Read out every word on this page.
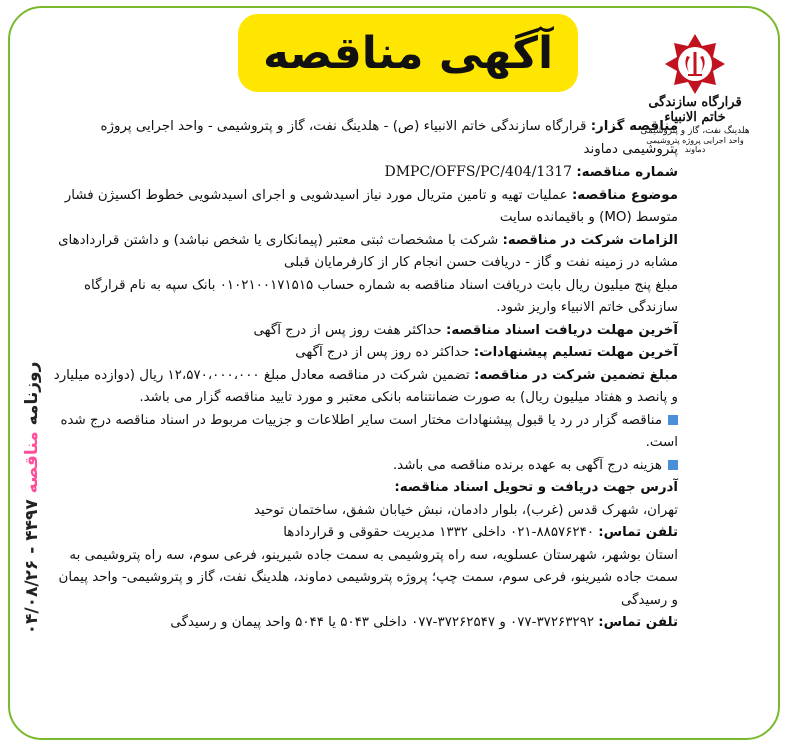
آگهی مناقصه
قرارگاه سازندگی خاتم الانبیاء
هلدینگ نفت، گاز و پتروشیمی
واحد اجرایی پروژه پتروشیمی دماوند
روزنامه مناقصه ۴۴۹۷ - ۰۴/۰۸/۲۶

مناقصه گزار: قرارگاه سازندگی خاتم الانبیاء (ص) - هلدینگ نفت، گاز و پتروشیمی - واحد اجرایی پروژه پتروشیمی دماوند

شماره مناقصه: DMPC/OFFS/PC/404/1317

موضوع مناقصه: عملیات تهیه و تامین متریال مورد نیاز اسیدشویی و اجرای اسیدشویی خطوط اکسیژن فشار متوسط (MO) و باقیمانده سایت

الزامات شرکت در مناقصه: شرکت با مشخصات ثبتی معتبر (پیمانکاری یا شخص نباشد) و داشتن قراردادهای مشابه در زمینه نفت و گاز - دریافت حسن انجام کار از کارفرمایان قبلی

مبلغ پنج میلیون ریال بابت دریافت اسناد مناقصه به شماره حساب ۰۱۰۲۱۰۰۱۷۱۵۱۵ بانک سپه به نام قرارگاه سازندگی خاتم الانبیاء واریز شود.

آخرین مهلت دریافت اسناد مناقصه: حداکثر هفت روز پس از درج آگهی

آخرین مهلت تسلیم پیشنهادات: حداکثر ده روز پس از درج آگهی

مبلغ تضمین شرکت در مناقصه: تضمین شرکت در مناقصه معادل مبلغ ۱۲،۵۷۰،۰۰۰،۰۰۰ ریال (دوازده میلیارد و پانصد و هفتاد میلیون ریال) به صورت ضمانتنامه بانکی معتبر و مورد تایید مناقصه گزار می باشد.

مناقصه گزار در رد یا قبول پیشنهادات مختار است سایر اطلاعات و جزییات مربوط در اسناد مناقصه درج شده است.

هزینه درج آگهی به عهده برنده مناقصه می باشد.

آدرس جهت دریافت و تحویل اسناد مناقصه:

تهران، شهرک قدس (غرب)، بلوار دادمان، نبش خیابان شفق، ساختمان توحید

تلفن تماس: ۸۸۵۷۶۲۴۰-۰۲۱ داخلی ۱۳۳۲ مدیریت حقوقی و قراردادها

استان بوشهر، شهرستان عسلویه، سه راه پتروشیمی به سمت جاده شیرینو، فرعی سوم، سه راه پتروشیمی به سمت جاده شیرینو، فرعی سوم، سمت چپ؛ پروژه پتروشیمی دماوند، هلدینگ نفت، گاز و پتروشیمی- واحد پیمان و رسیدگی

تلفن تماس: ۳۷۲۶۳۲۹۲-۰۷۷ و ۳۷۲۶۲۵۴۷-۰۷۷ داخلی ۵۰۴۳ یا ۵۰۴۴ واحد پیمان و رسیدگی
